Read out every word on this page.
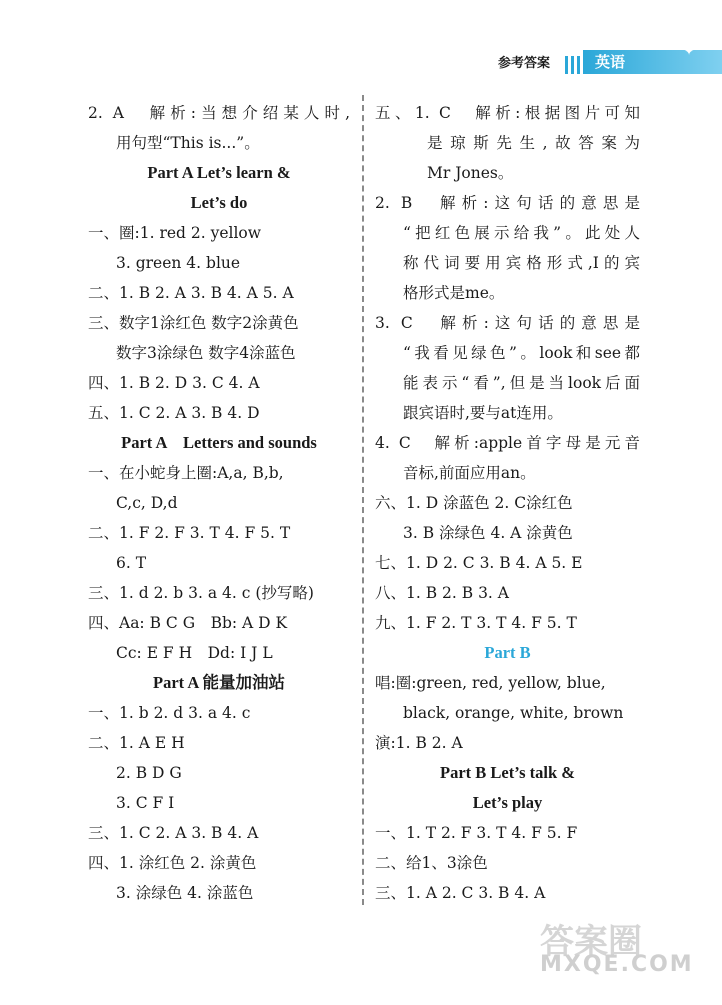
参考答案	英语
✦
2. A　解析:当想介绍某人时,
用句型“This is...”。
Part A Let’s learn &
Let’s do
一、圈:1. red 2. yellow
3. green 4. blue
二、1. B 2. A 3. B 4. A 5. A
三、数字1涂红色 数字2涂黄色
数字3涂绿色 数字4涂蓝色
四、1. B 2. D 3. C 4. A
五、1. C 2. A 3. B 4. D
Part A　Letters and sounds
一、在小蛇身上圈:A,a, B,b,
C,c, D,d
二、1. F 2. F 3. T 4. F 5. T
6. T
三、1. d 2. b 3. a 4. c (抄写略)
四、Aa: B C G　Bb: A D K
Cc: E F H　Dd: I J L
Part A 能量加油站
一、1. b 2. d 3. a 4. c
二、1. A E H
2. B D G
3. C F I
三、1. C 2. A 3. B 4. A
四、1. 涂红色 2. 涂黄色
3. 涂绿色 4. 涂蓝色
五、1. C　解析:根据图片可知
是琼斯先生,故答案为
Mr Jones。
2. B　解析:这句话的意思是
“把红色展示给我”。此处人
称代词要用宾格形式,I的宾
格形式是me。
3. C　解析:这句话的意思是
“我看见绿色”。look和see都
能表示“看”,但是当look后面
跟宾语时,要与at连用。
4. C　解析:apple首字母是元音
音标,前面应用an。
六、1. D 涂蓝色 2. C涂红色
3. B 涂绿色 4. A 涂黄色
七、1. D 2. C 3. B 4. A 5. E
八、1. B 2. B 3. A
九、1. F 2. T 3. T 4. F 5. T
Part B
唱:圈:green, red, yellow, blue,
black, orange, white, brown
演:1. B 2. A
Part B Let’s talk &
Let’s play
一、1. T 2. F 3. T 4. F 5. F
二、给1、3涂色
三、1. A 2. C 3. B 4. A
答案圈
MXQE.COM
